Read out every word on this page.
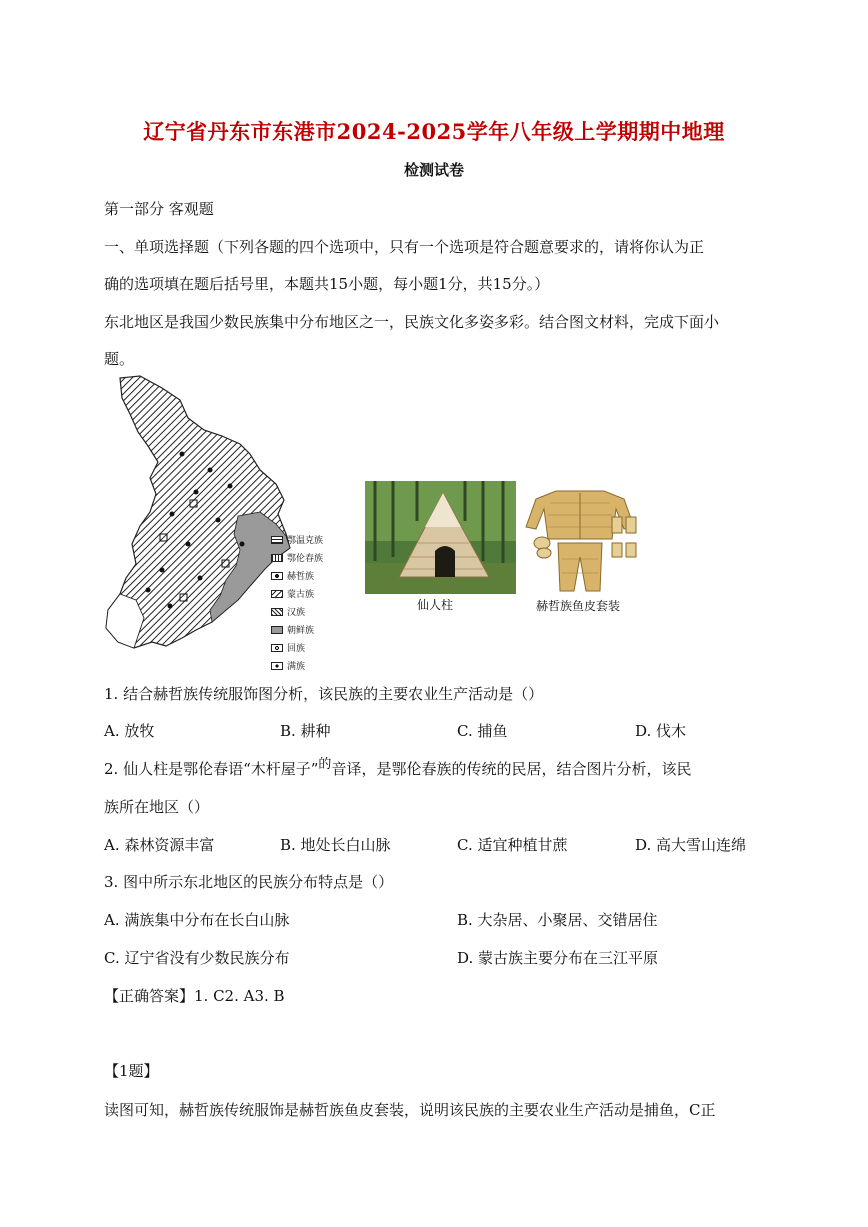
辽宁省丹东市东港市2024-2025学年八年级上学期期中地理
检测试卷
第一部分 客观题
一、单项选择题（下列各题的四个选项中，只有一个选项是符合题意要求的，请将你认为正
确的选项填在题后括号里，本题共15小题，每小题1分，共15分。）
东北地区是我国少数民族集中分布地区之一，民族文化多姿多彩。结合图文材料，完成下面小
题。
鄂温克族
鄂伦春族
赫哲族
蒙古族
汉族
朝鲜族
回族
满族
仙人柱	赫哲族鱼皮套装
1. 结合赫哲族传统服饰图分析，该民族的主要农业生产活动是（）
A. 放牧	B. 耕种	C. 捕鱼	D. 伐木
2. 仙人柱是鄂伦春语“木杆屋子”的音译，是鄂伦春族的传统的民居，结合图片分析，该民
族所在地区（）
A. 森林资源丰富	B. 地处长白山脉	C. 适宜种植甘蔗	D. 高大雪山连绵
3. 图中所示东北地区的民族分布特点是（）
A. 满族集中分布在长白山脉	B. 大杂居、小聚居、交错居住
C. 辽宁省没有少数民族分布	D. 蒙古族主要分布在三江平原
【正确答案】1. C2. A3. B
【1题】
读图可知，赫哲族传统服饰是赫哲族鱼皮套装，说明该民族的主要农业生产活动是捕鱼，C正
